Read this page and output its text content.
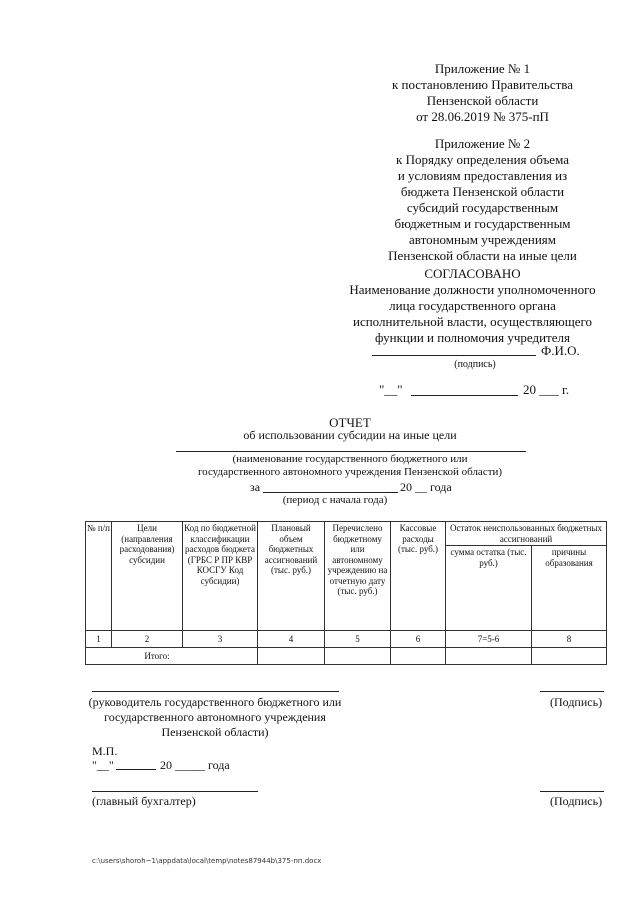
Приложение № 1
к постановлению Правительства
Пензенской области
от 28.06.2019 № 375-пП
Приложение № 2
к Порядку определения объема
и условиям предоставления из
бюджета Пензенской области
субсидий государственным
бюджетным и государственным
автономным учреждениям
Пензенской области на иные цели
СОГЛАСОВАНО
Наименование должности уполномоченного
лица государственного органа
исполнительной власти, осуществляющего
функции и полномочия учредителя
Ф.И.О.
(подпись)
"__"	20 ___ г.
ОТЧЕТ
об использовании субсидии на иные цели
(наименование государственного бюджетного или
государственного автономного учреждения Пензенской области)
за	20 __ года
(период с начала года)
№ п/п	Цели (направления расходования) субсидии	Код по бюджетной классификации расходов бюджета (ГРБС Р ПР КВР КОСГУ Код субсидии)	Плановый объем бюджетных ассигнований (тыс. руб.)	Перечислено бюджетному или автономному учреждению на отчетную дату (тыс. руб.)	Кассовые расходы (тыс. руб.)	Остаток неиспользованных бюджетных ассигнований	
						сумма остатка (тыс. руб.)	причины образования
1	2	3	4	5	6	7=5-6	8
Итого:							
(руководитель государственного бюджетного или
государственного автономного учреждения
Пензенской области)
(Подпись)
М.П.
"__"	20 _____ года
(главный бухгалтер)	(Подпись)
c:\users\shoroh~1\appdata\local\temp\notes87944b\375-пп.docx
